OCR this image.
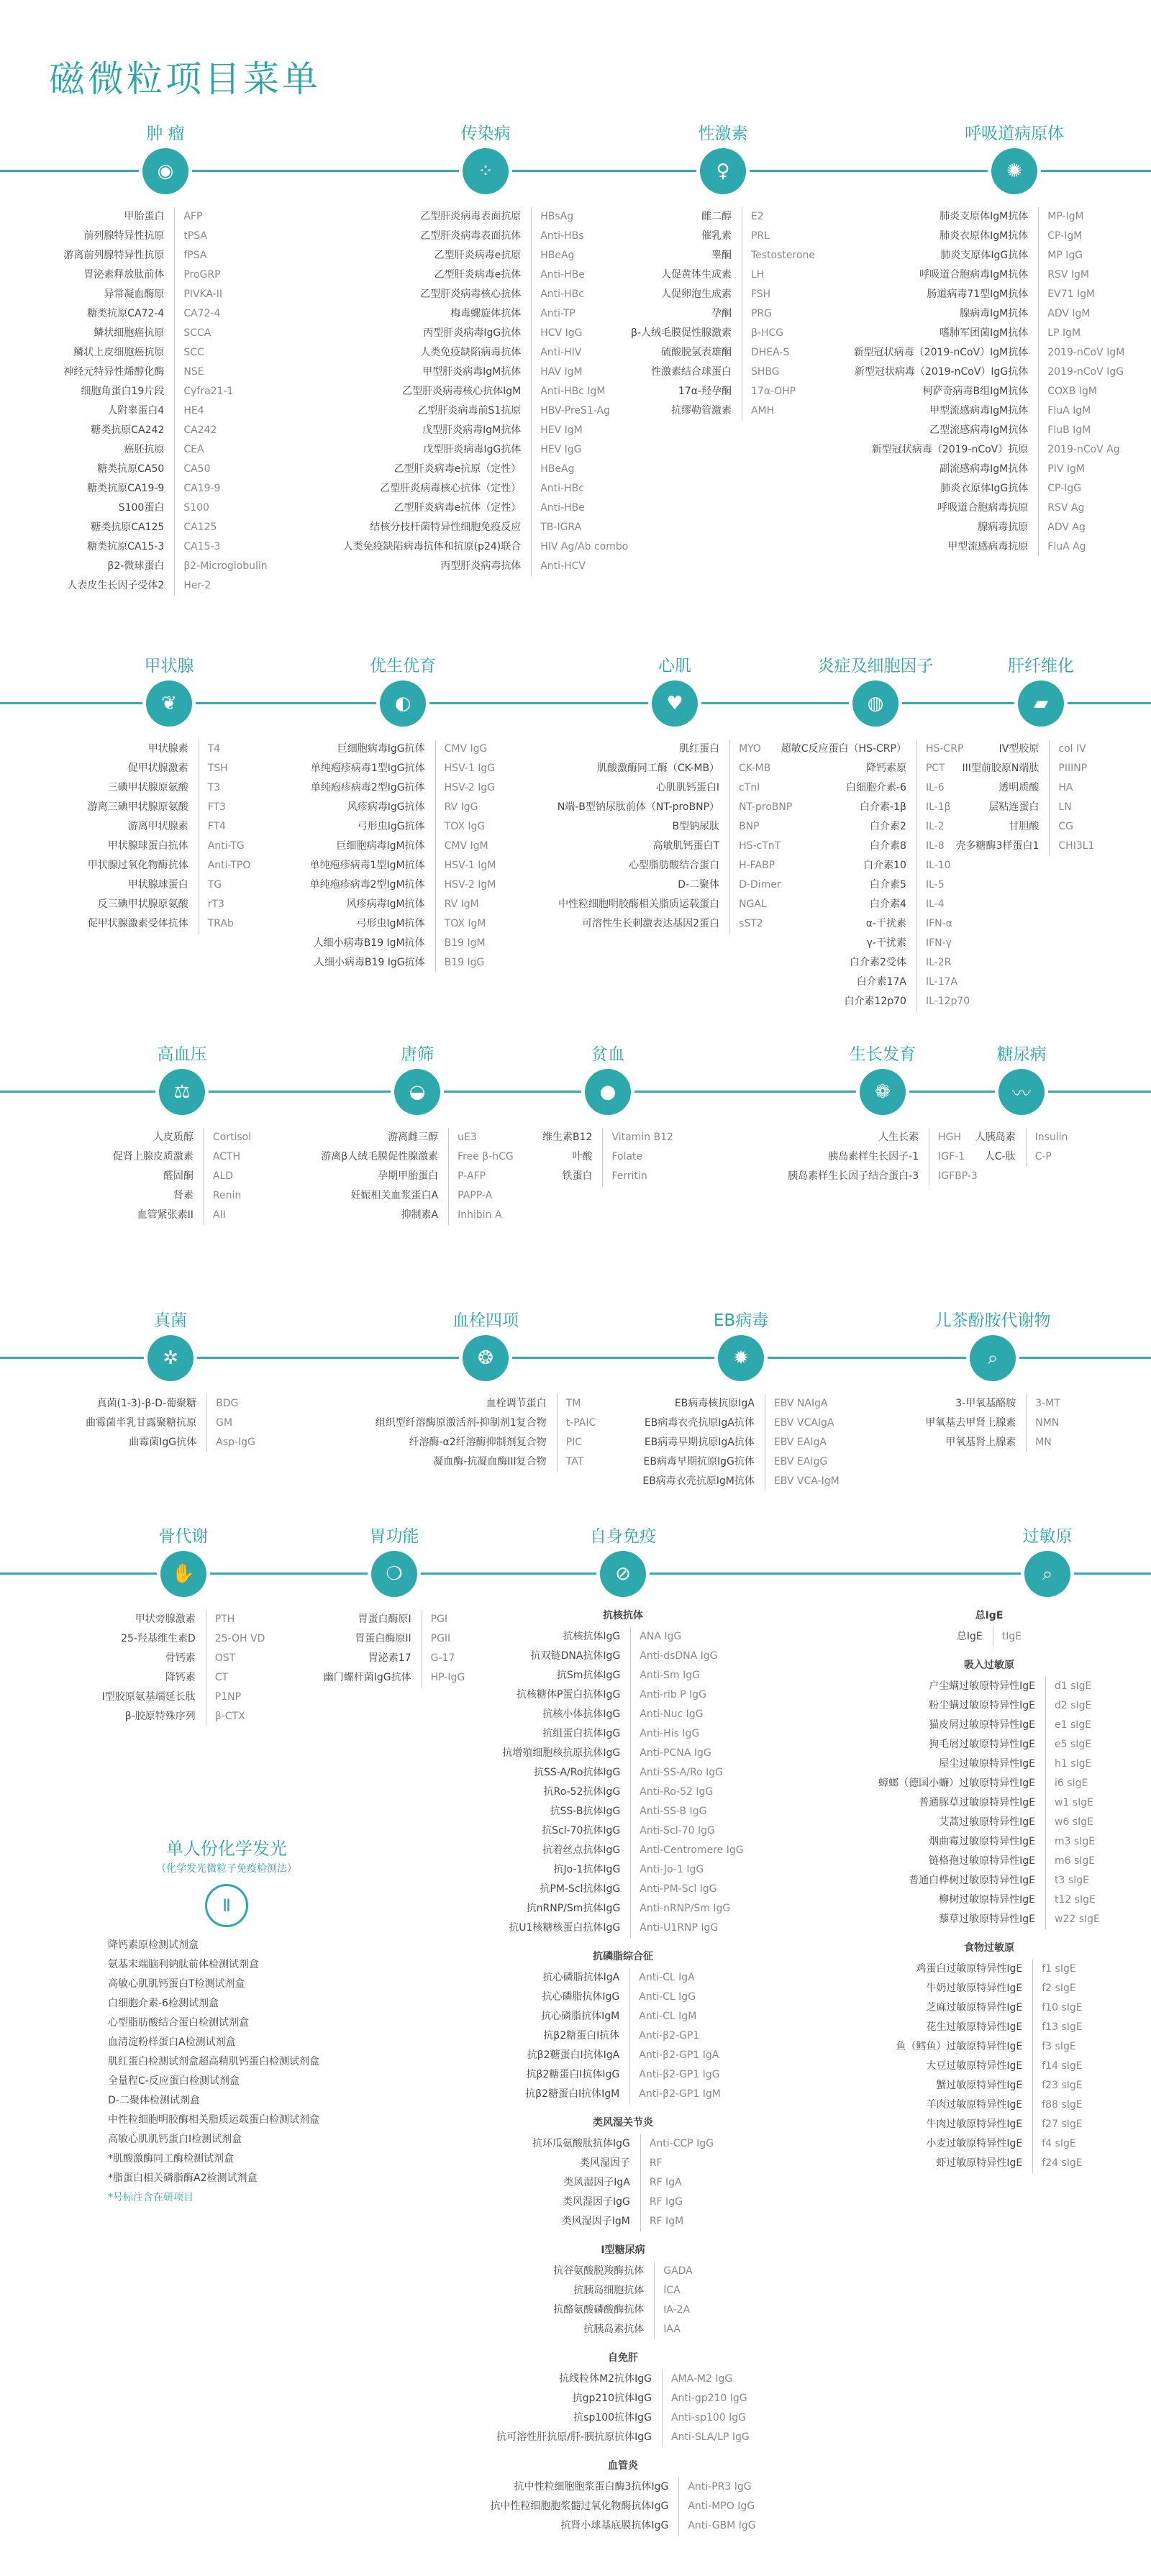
磁微粒项目菜单
肿 瘤
◉
甲胎蛋白	AFP
前列腺特异性抗原	tPSA
游离前列腺特异性抗原	fPSA
胃泌素释放肽前体	ProGRP
异常凝血酶原	PIVKA-II
糖类抗原CA72-4	CA72-4
鳞状细胞癌抗原	SCCA
鳞状上皮细胞癌抗原	SCC
神经元特异性烯醇化酶	NSE
细胞角蛋白19片段	Cyfra21-1
人附睾蛋白4	HE4
糖类抗原CA242	CA242
癌胚抗原	CEA
糖类抗原CA50	CA50
糖类抗原CA19-9	CA19-9
S100蛋白	S100
糖类抗原CA125	CA125
糖类抗原CA15-3	CA15-3
β2-微球蛋白	β2-Microglobulin
人表皮生长因子受体2	Her-2
传染病
⁘
乙型肝炎病毒表面抗原	HBsAg
乙型肝炎病毒表面抗体	Anti-HBs
乙型肝炎病毒e抗原	HBeAg
乙型肝炎病毒e抗体	Anti-HBe
乙型肝炎病毒核心抗体	Anti-HBc
梅毒螺旋体抗体	Anti-TP
丙型肝炎病毒IgG抗体	HCV IgG
人类免疫缺陷病毒抗体	Anti-HIV
甲型肝炎病毒IgM抗体	HAV IgM
乙型肝炎病毒核心抗体IgM	Anti-HBc IgM
乙型肝炎病毒前S1抗原	HBV-PreS1-Ag
戊型肝炎病毒IgM抗体	HEV IgM
戊型肝炎病毒IgG抗体	HEV IgG
乙型肝炎病毒e抗原（定性）	HBeAg
乙型肝炎病毒核心抗体（定性）	Anti-HBc
乙型肝炎病毒e抗体（定性）	Anti-HBe
结核分枝杆菌特异性细胞免疫反应	TB-IGRA
人类免疫缺陷病毒抗体和抗原(p24)联合	HIV Ag/Ab combo
丙型肝炎病毒抗体	Anti-HCV
性激素
♀
雌二醇	E2
催乳素	PRL
睾酮	Testosterone
人促黄体生成素	LH
人促卵泡生成素	FSH
孕酮	PRG
β-人绒毛膜促性腺激素	β-HCG
硫酸脱氢表雄酮	DHEA-S
性激素结合球蛋白	SHBG
17α-羟孕酮	17α-OHP
抗缪勒管激素	AMH
呼吸道病原体
✺
肺炎支原体IgM抗体	MP-IgM
肺炎衣原体IgM抗体	CP-IgM
肺炎支原体IgG抗体	MP IgG
呼吸道合胞病毒IgM抗体	RSV IgM
肠道病毒71型IgM抗体	EV71 IgM
腺病毒IgM抗体	ADV IgM
嗜肺军团菌IgM抗体	LP IgM
新型冠状病毒（2019-nCoV）IgM抗体	2019-nCoV IgM
新型冠状病毒（2019-nCoV）IgG抗体	2019-nCoV IgG
柯萨奇病毒B组IgM抗体	COXB IgM
甲型流感病毒IgM抗体	FluA IgM
乙型流感病毒IgM抗体	FluB IgM
新型冠状病毒（2019-nCoV）抗原	2019-nCoV Ag
副流感病毒IgM抗体	PIV IgM
肺炎衣原体IgG抗体	CP-IgG
呼吸道合胞病毒抗原	RSV Ag
腺病毒抗原	ADV Ag
甲型流感病毒抗原	FluA Ag
甲状腺
❦
甲状腺素	T4
促甲状腺激素	TSH
三碘甲状腺原氨酸	T3
游离三碘甲状腺原氨酸	FT3
游离甲状腺素	FT4
甲状腺球蛋白抗体	Anti-TG
甲状腺过氧化物酶抗体	Anti-TPO
甲状腺球蛋白	TG
反三碘甲状腺原氨酸	rT3
促甲状腺激素受体抗体	TRAb
优生优育
◐
巨细胞病毒IgG抗体	CMV IgG
单纯疱疹病毒1型IgG抗体	HSV-1 IgG
单纯疱疹病毒2型IgG抗体	HSV-2 IgG
风疹病毒IgG抗体	RV IgG
弓形虫IgG抗体	TOX IgG
巨细胞病毒IgM抗体	CMV IgM
单纯疱疹病毒1型IgM抗体	HSV-1 IgM
单纯疱疹病毒2型IgM抗体	HSV-2 IgM
风疹病毒IgM抗体	RV IgM
弓形虫IgM抗体	TOX IgM
人细小病毒B19 IgM抗体	B19 IgM
人细小病毒B19 IgG抗体	B19 IgG
心肌
♥
肌红蛋白	MYO
肌酸激酶同工酶（CK-MB）	CK-MB
心肌肌钙蛋白I	cTnI
N端-B型钠尿肽前体（NT-proBNP）	NT-proBNP
B型钠尿肽	BNP
高敏肌钙蛋白T	HS-cTnT
心型脂肪酸结合蛋白	H-FABP
D-二聚体	D-Dimer
中性粒细胞明胶酶相关脂质运载蛋白	NGAL
可溶性生长刺激表达基因2蛋白	sST2
炎症及细胞因子
◍
超敏C反应蛋白（HS-CRP）	HS-CRP
降钙素原	PCT
白细胞介素-6	IL-6
白介素-1β	IL-1β
白介素2	IL-2
白介素8	IL-8
白介素10	IL-10
白介素5	IL-5
白介素4	IL-4
α-干扰素	IFN-α
γ-干扰素	IFN-γ
白介素2受体	IL-2R
白介素17A	IL-17A
白介素12p70	IL-12p70
肝纤维化
▰
IV型胶原	col IV
III型前胶原N端肽	PIIINP
透明质酸	HA
层粘连蛋白	LN
甘胆酸	CG
壳多糖酶3样蛋白1	CHI3L1
高血压
⚖
人皮质醇	Cortisol
促肾上腺皮质激素	ACTH
醛固酮	ALD
肾素	Renin
血管紧张素II	AII
唐筛
◒
游离雌三醇	uE3
游离β人绒毛膜促性腺激素	Free β-hCG
孕期甲胎蛋白	P-AFP
妊娠相关血浆蛋白A	PAPP-A
抑制素A	Inhibin A
贫血
●
维生素B12	Vitamin B12
叶酸	Folate
铁蛋白	Ferritin
生长发育
❁
人生长素	HGH
胰岛素样生长因子-1	IGF-1
胰岛素样生长因子结合蛋白-3	IGFBP-3
糖尿病
〰
人胰岛素	Insulin
人C-肽	C-P
真菌
✲
真菌(1-3)-β-D-葡聚糖	BDG
曲霉菌半乳甘露聚糖抗原	GM
曲霉菌IgG抗体	Asp-IgG
血栓四项
❂
血栓调节蛋白	TM
组织型纤溶酶原激活剂-抑制剂1复合物	t-PAIC
纤溶酶-α2纤溶酶抑制剂复合物	PIC
凝血酶-抗凝血酶III复合物	TAT
EB病毒
✹
EB病毒核抗原IgA	EBV NAIgA
EB病毒衣壳抗原IgA抗体	EBV VCAIgA
EB病毒早期抗原IgA抗体	EBV EAIgA
EB病毒早期抗原IgG抗体	EBV EAIgG
EB病毒衣壳抗原IgM抗体	EBV VCA-IgM
儿茶酚胺代谢物
⌕
3-甲氧基酪胺	3-MT
甲氧基去甲肾上腺素	NMN
甲氧基肾上腺素	MN
骨代谢
✋
甲状旁腺激素	PTH
25-羟基维生素D	25-OH VD
骨钙素	OST
降钙素	CT
I型胶原氨基端延长肽	P1NP
β-胶原特殊序列	β-CTX
胃功能
❍
胃蛋白酶原I	PGI
胃蛋白酶原II	PGII
胃泌素17	G-17
幽门螺杆菌IgG抗体	HP-IgG
自身免疫
⊘
抗核抗体
抗核抗体IgG	ANA IgG
抗双链DNA抗体IgG	Anti-dsDNA IgG
抗Sm抗体IgG	Anti-Sm IgG
抗核糖体P蛋白抗体IgG	Anti-rib P IgG
抗核小体抗体IgG	Anti-Nuc IgG
抗组蛋白抗体IgG	Anti-His IgG
抗增殖细胞核抗原抗体IgG	Anti-PCNA IgG
抗SS-A/Ro抗体IgG	Anti-SS-A/Ro IgG
抗Ro-52抗体IgG	Anti-Ro-52 IgG
抗SS-B抗体IgG	Anti-SS-B IgG
抗Scl-70抗体IgG	Anti-Scl-70 IgG
抗着丝点抗体IgG	Anti-Centromere IgG
抗Jo-1抗体IgG	Anti-Jo-1 IgG
抗PM-Scl抗体IgG	Anti-PM-Scl IgG
抗nRNP/Sm抗体IgG	Anti-nRNP/Sm IgG
抗U1核糖核蛋白抗体IgG	Anti-U1RNP IgG
抗磷脂综合征
抗心磷脂抗体IgA	Anti-CL IgA
抗心磷脂抗体IgG	Anti-CL IgG
抗心磷脂抗体IgM	Anti-CL IgM
抗β2糖蛋白I抗体	Anti-β2-GP1
抗β2糖蛋白I抗体IgA	Anti-β2-GP1 IgA
抗β2糖蛋白I抗体IgG	Anti-β2-GP1 IgG
抗β2糖蛋白I抗体IgM	Anti-β2-GP1 IgM
类风湿关节炎
抗环瓜氨酸肽抗体IgG	Anti-CCP IgG
类风湿因子	RF
类风湿因子IgA	RF IgA
类风湿因子IgG	RF IgG
类风湿因子IgM	RF IgM
I型糖尿病
抗谷氨酸脱羧酶抗体	GADA
抗胰岛细胞抗体	ICA
抗酪氨酸磷酸酶抗体	IA-2A
抗胰岛素抗体	IAA
自免肝
抗线粒体M2抗体IgG	AMA-M2 IgG
抗gp210抗体IgG	Anti-gp210 IgG
抗sp100抗体IgG	Anti-sp100 IgG
抗可溶性肝抗原/肝-胰抗原抗体IgG	Anti-SLA/LP IgG
血管炎
抗中性粒细胞胞浆蛋白酶3抗体IgG	Anti-PR3 IgG
抗中性粒细胞胞浆髓过氧化物酶抗体IgG	Anti-MPO IgG
抗肾小球基底膜抗体IgG	Anti-GBM IgG
过敏原
⌕
总IgE
总IgE	tIgE
吸入过敏原
户尘螨过敏原特异性IgE	d1 sIgE
粉尘螨过敏原特异性IgE	d2 sIgE
猫皮屑过敏原特异性IgE	e1 sIgE
狗毛屑过敏原特异性IgE	e5 sIgE
屋尘过敏原特异性IgE	h1 sIgE
蟑螂（德国小蠊）过敏原特异性IgE	i6 sIgE
普通豚草过敏原特异性IgE	w1 sIgE
艾蒿过敏原特异性IgE	w6 sIgE
烟曲霉过敏原特异性IgE	m3 sIgE
链格孢过敏原特异性IgE	m6 sIgE
普通白桦树过敏原特异性IgE	t3 sIgE
柳树过敏原特异性IgE	t12 sIgE
藜草过敏原特异性IgE	w22 sIgE
食物过敏原
鸡蛋白过敏原特异性IgE	f1 sIgE
牛奶过敏原特异性IgE	f2 sIgE
芝麻过敏原特异性IgE	f10 sIgE
花生过敏原特异性IgE	f13 sIgE
鱼（鳕鱼）过敏原特异性IgE	f3 sIgE
大豆过敏原特异性IgE	f14 sIgE
蟹过敏原特异性IgE	f23 sIgE
羊肉过敏原特异性IgE	f88 sIgE
牛肉过敏原特异性IgE	f27 sIgE
小麦过敏原特异性IgE	f4 sIgE
虾过敏原特异性IgE	f24 sIgE
单人份化学发光
（化学发光微粒子免疫检测法）
Ⅱ
降钙素原检测试剂盒
氨基末端脑利钠肽前体检测试剂盒
高敏心肌肌钙蛋白T检测试剂盒
白细胞介素-6检测试剂盒
心型脂肪酸结合蛋白检测试剂盒
血清淀粉样蛋白A检测试剂盒
肌红蛋白检测试剂盒超高精肌钙蛋白检测试剂盒
全量程C-反应蛋白检测试剂盒
D-二聚体检测试剂盒
中性粒细胞明胶酶相关脂质运载蛋白检测试剂盒
高敏心肌肌钙蛋白I检测试剂盒
*肌酸激酶同工酶检测试剂盒
*脂蛋白相关磷脂酶A2检测试剂盒
*号标注含在研项目
